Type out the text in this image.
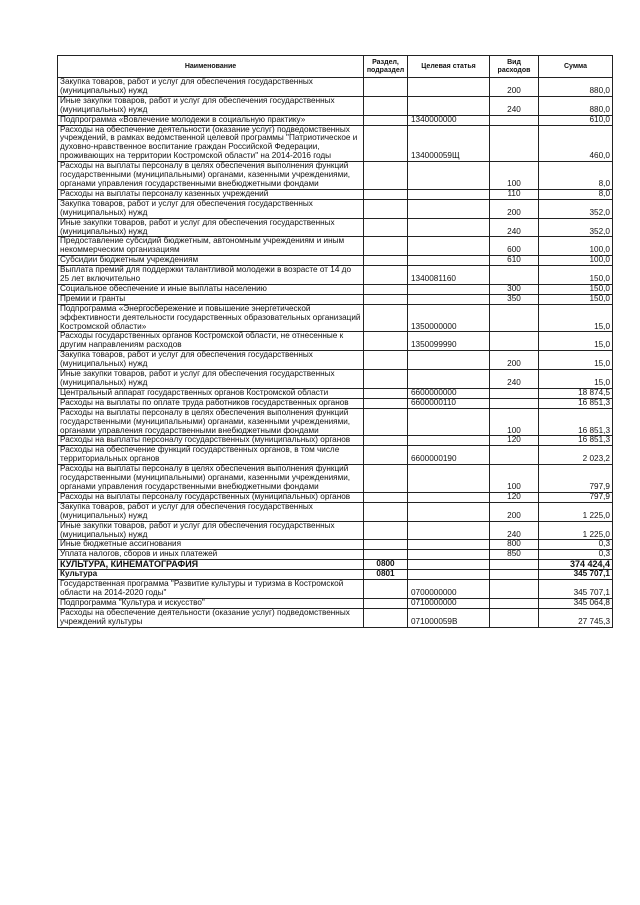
Наименование	Раздел, подраздел	Целевая статья	Вид расходов	Сумма
Закупка товаров, работ и услуг для обеспечения государственных (муниципальных) нужд			200	880,0
Иные закупки товаров, работ и услуг для обеспечения государственных (муниципальных) нужд			240	880,0
Подпрограмма «Вовлечение молодежи в социальную практику»		1340000000		610,0
Расходы на обеспечение деятельности (оказание услуг) подведомственных учреждений, в рамках ведомственной целевой программы "Патриотическое и духовно-нравственное воспитание граждан Российской Федерации, проживающих на территории Костромской области" на 2014-2016 годы		134000059Щ		460,0
Расходы на выплаты персоналу в целях обеспечения выполнения функций государственными (муниципальными) органами, казенными учреждениями, органами управления государственными внебюджетными фондами			100	8,0
Расходы на выплаты персоналу казенных учреждений			110	8,0
Закупка товаров, работ и услуг для обеспечения государственных (муниципальных) нужд			200	352,0
Иные закупки товаров, работ и услуг для обеспечения государственных (муниципальных) нужд			240	352,0
Предоставление субсидий бюджетным, автономным учреждениям и иным некоммерческим организациям			600	100,0
Субсидии бюджетным учреждениям			610	100,0
Выплата премий для поддержки талантливой молодежи в возрасте от 14 до 25 лет включительно		1340081160		150,0
Социальное обеспечение и иные выплаты населению			300	150,0
Премии и гранты			350	150,0
Подпрограмма «Энергосбережение и повышение энергетической эффективности деятельности государственных образовательных организаций Костромской области»		1350000000		15,0
Расходы государственных органов Костромской области, не отнесенные к другим направлениям расходов		1350099990		15,0
Закупка товаров, работ и услуг для обеспечения государственных (муниципальных) нужд			200	15,0
Иные закупки товаров, работ и услуг для обеспечения государственных (муниципальных) нужд			240	15,0
Центральный аппарат государственных органов Костромской области		6600000000		18 874,5
Расходы на выплаты по оплате труда работников государственных органов		6600000110		16 851,3
Расходы на выплаты персоналу в целях обеспечения выполнения функций государственными (муниципальными) органами, казенными учреждениями, органами управления государственными внебюджетными фондами			100	16 851,3
Расходы на выплаты персоналу государственных (муниципальных) органов			120	16 851,3
Расходы на обеспечение функций государственных органов, в том числе территориальных органов		6600000190		2 023,2
Расходы на выплаты персоналу в целях обеспечения выполнения функций государственными (муниципальными) органами, казенными учреждениями, органами управления государственными внебюджетными фондами			100	797,9
Расходы на выплаты персоналу государственных (муниципальных) органов			120	797,9
Закупка товаров, работ и услуг для обеспечения государственных (муниципальных) нужд			200	1 225,0
Иные закупки товаров, работ и услуг для обеспечения государственных (муниципальных) нужд			240	1 225,0
Иные бюджетные ассигнования			800	0,3
Уплата налогов, сборов и иных платежей			850	0,3
КУЛЬТУРА, КИНЕМАТОГРАФИЯ	0800			374 424,4
Культура	0801			345 707,1
Государственная программа "Развитие культуры и туризма в Костромской области на 2014-2020 годы"		0700000000		345 707,1
Подпрограмма "Культура и искусство"		0710000000		345 064,8
Расходы на обеспечение деятельности (оказание услуг) подведомственных учреждений культуры		071000059В		27 745,3
